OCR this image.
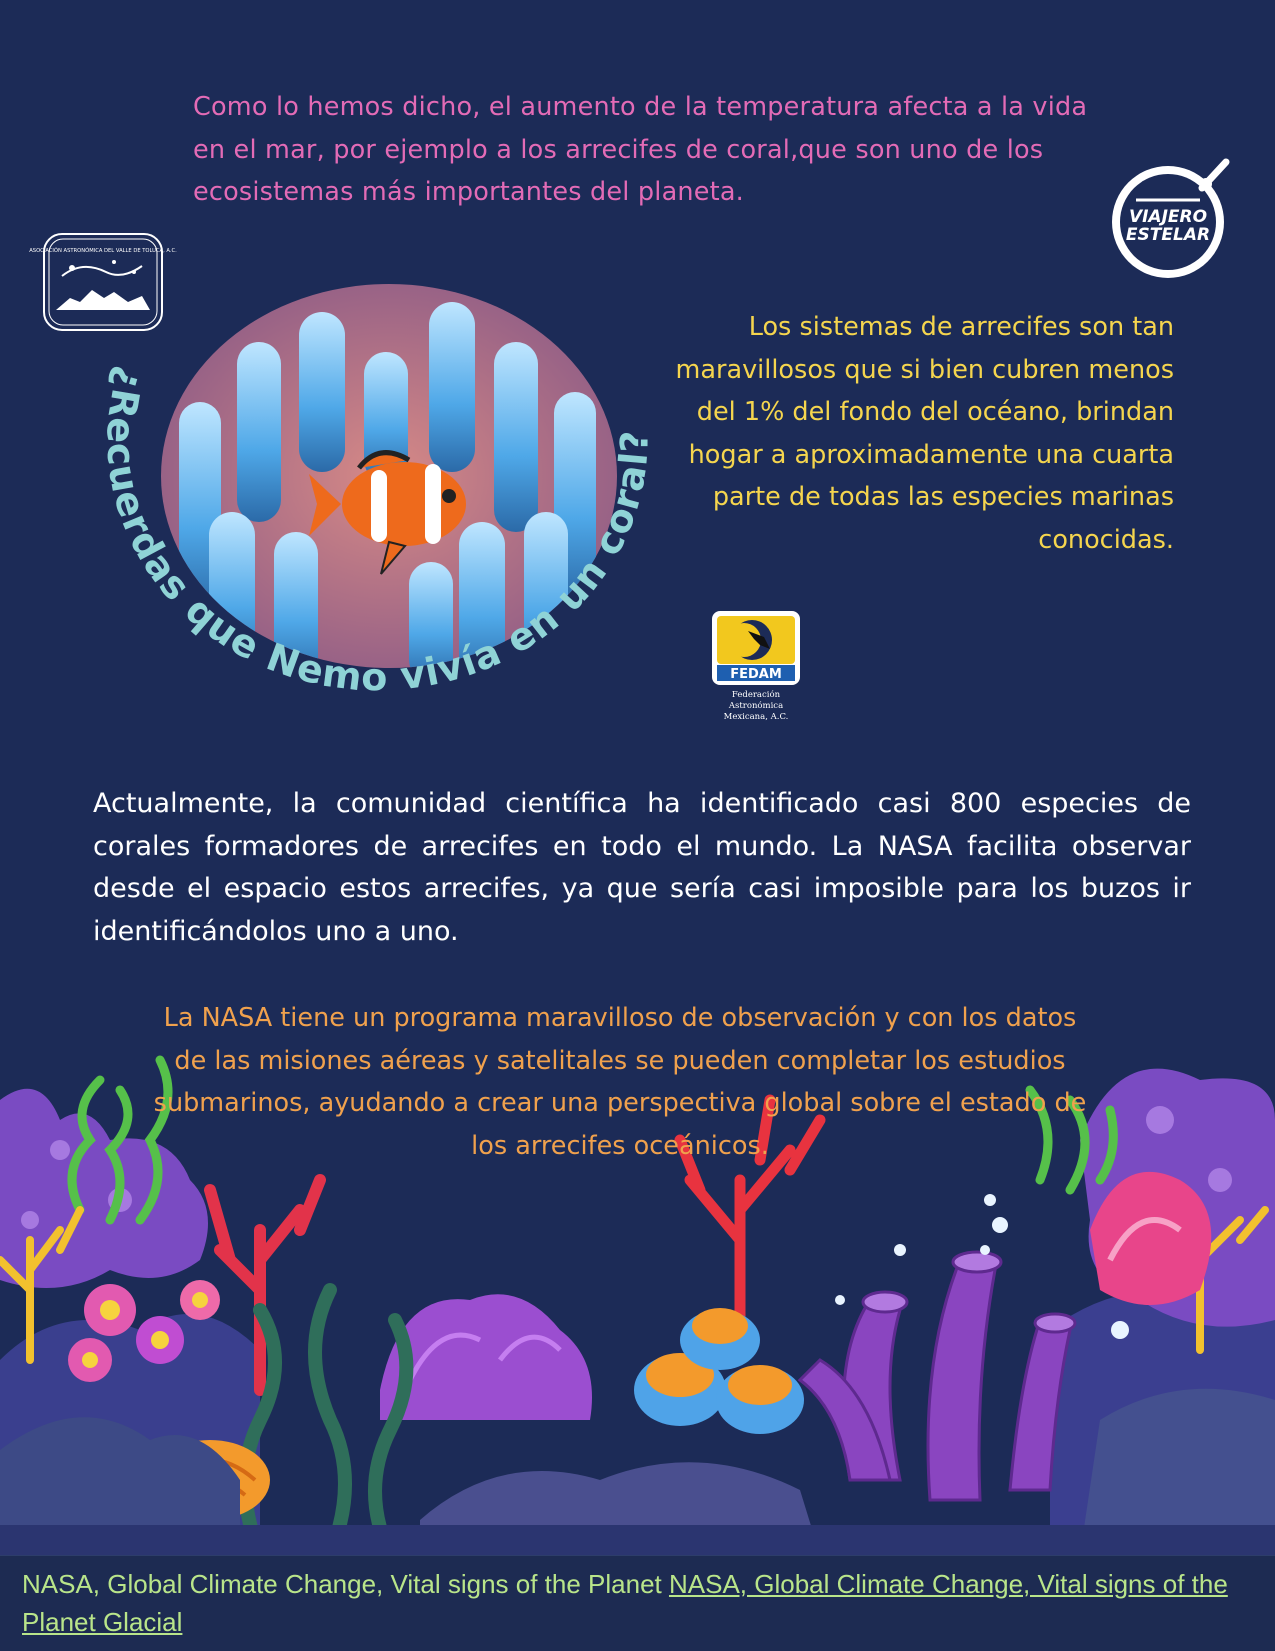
Como lo hemos dicho, el aumento de la temperatura afecta a la vida en el mar, por ejemplo a los arrecifes de coral,que son uno de los ecosistemas más importantes del planeta.
VIAJERO
ESTELAR
ASOCIACIÓN ASTRONÓMICA DEL VALLE DE TOLUCA, A.C.
¿Recuerdas que Nemo vivía en un coral?
Los sistemas de arrecifes son tan maravillosos que si bien cubren menos del 1% del fondo del océano, brindan hogar a aproximadamente una cuarta parte de todas las especies marinas conocidas.
FEDAM
Federación
Astronómica
Mexicana, A.C.
Actualmente, la comunidad científica ha identificado casi 800 especies de corales formadores de arrecifes en todo el mundo. La NASA facilita observar desde el espacio estos arrecifes, ya que sería casi imposible para los buzos ir identificándolos uno a uno.
La NASA tiene un programa maravilloso de observación y con los datos de las misiones aéreas y satelitales se pueden completar los estudios submarinos, ayudando a crear una perspectiva global sobre el estado de los arrecifes oceánicos.
NASA, Global Climate Change, Vital signs of the Planet NASA, Global Climate Change, Vital signs of the Planet Glacial
